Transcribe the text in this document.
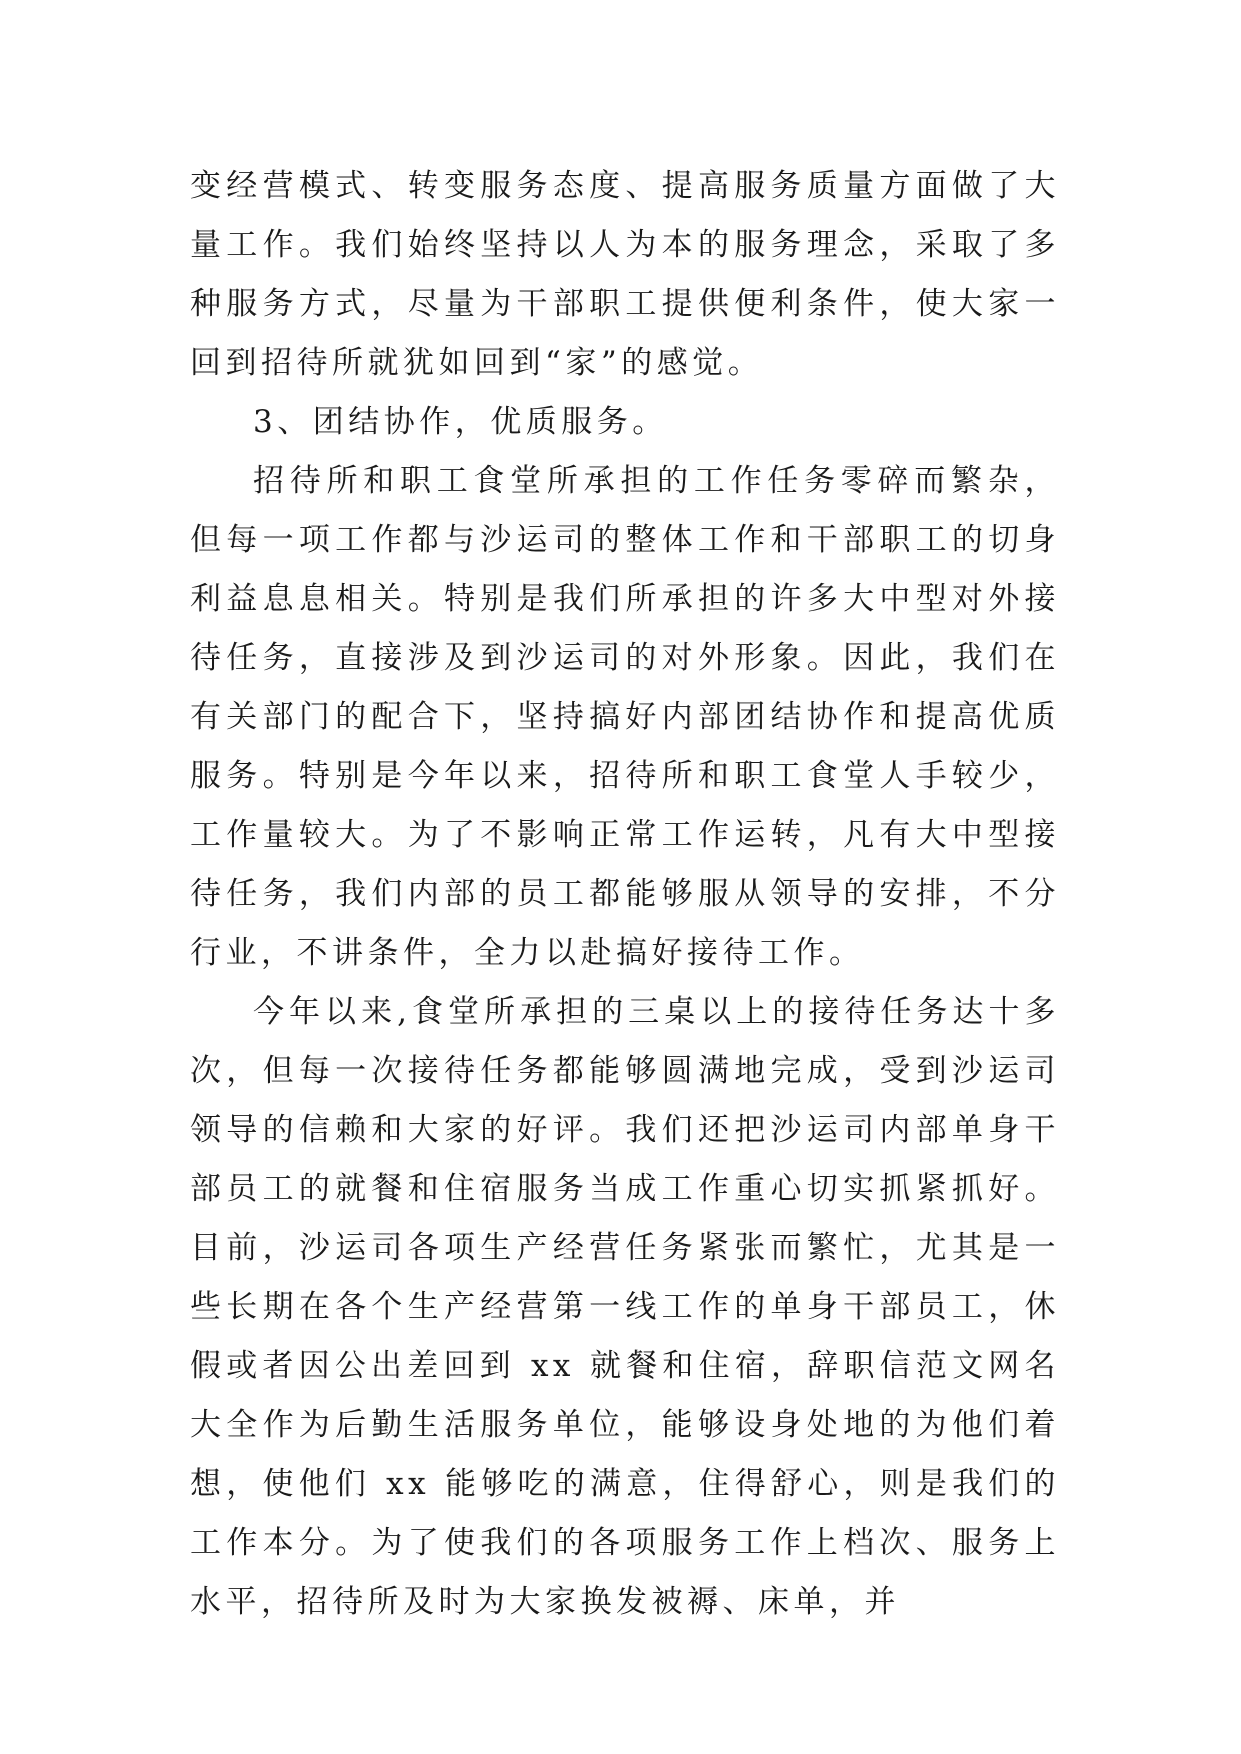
变经营模式、转变服务态度、提高服务质量方面做了大量工作。我们始终坚持以人为本的服务理念，采取了多种服务方式，尽量为干部职工提供便利条件，使大家一回到招待所就犹如回到“家”的感觉。

3、团结协作，优质服务。

招待所和职工食堂所承担的工作任务零碎而繁杂，但每一项工作都与沙运司的整体工作和干部职工的切身利益息息相关。特别是我们所承担的许多大中型对外接待任务，直接涉及到沙运司的对外形象。因此，我们在有关部门的配合下，坚持搞好内部团结协作和提高优质服务。特别是今年以来，招待所和职工食堂人手较少，工作量较大。为了不影响正常工作运转，凡有大中型接待任务，我们内部的员工都能够服从领导的安排，不分行业，不讲条件，全力以赴搞好接待工作。

今年以来,食堂所承担的三桌以上的接待任务达十多次，但每一次接待任务都能够圆满地完成，受到沙运司领导的信赖和大家的好评。我们还把沙运司内部单身干部员工的就餐和住宿服务当成工作重心切实抓紧抓好。目前，沙运司各项生产经营任务紧张而繁忙，尤其是一些长期在各个生产经营第一线工作的单身干部员工，休假或者因公出差回到 xx 就餐和住宿，辞职信范文网名大全作为后勤生活服务单位，能够设身处地的为他们着想，使他们 xx 能够吃的满意，住得舒心，则是我们的工作本分。为了使我们的各项服务工作上档次、服务上水平，招待所及时为大家换发被褥、床单，并
